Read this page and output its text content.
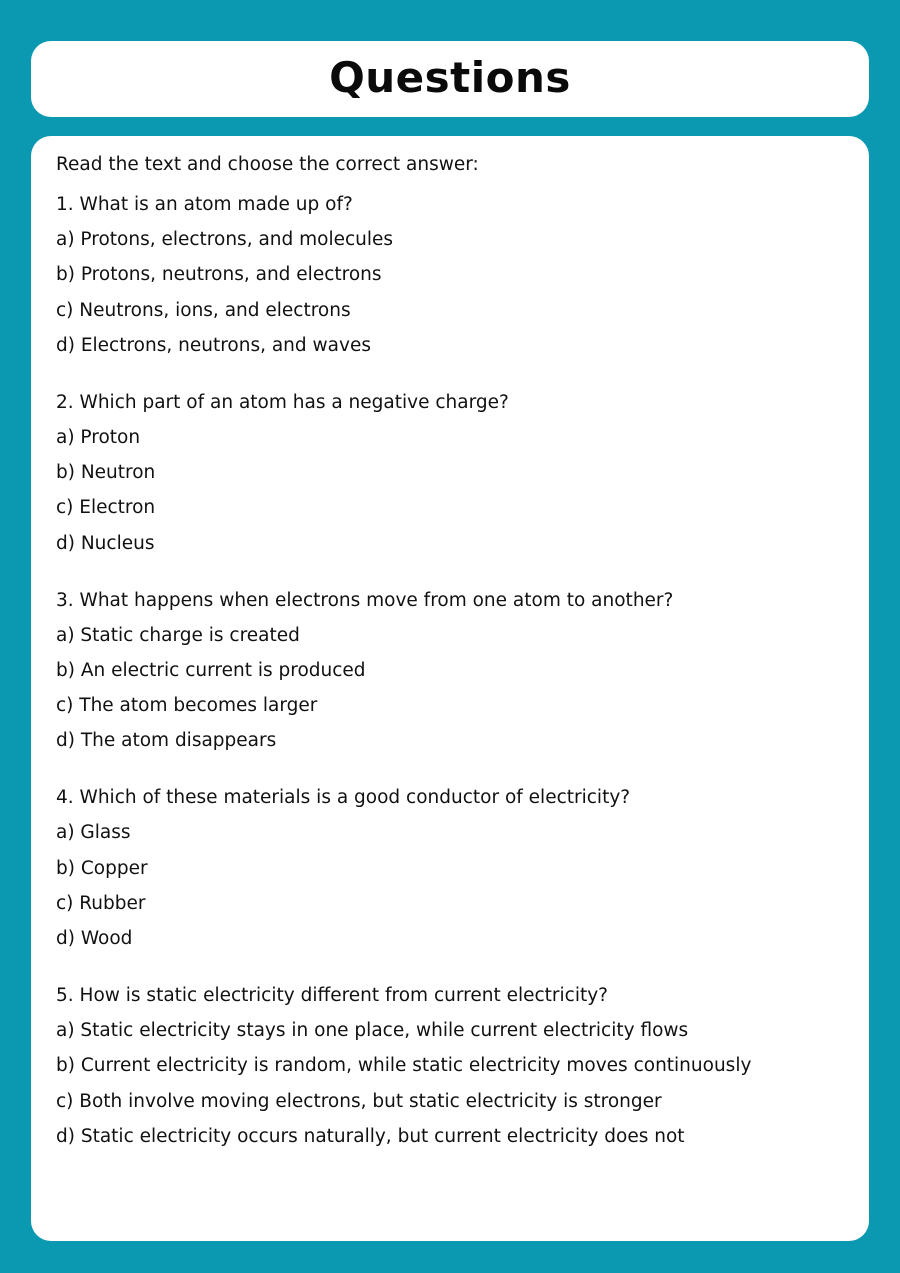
Questions
Read the text and choose the correct answer:
1. What is an atom made up of?
a) Protons, electrons, and molecules
b) Protons, neutrons, and electrons
c) Neutrons, ions, and electrons
d) Electrons, neutrons, and waves
2. Which part of an atom has a negative charge?
a) Proton
b) Neutron
c) Electron
d) Nucleus
3. What happens when electrons move from one atom to another?
a) Static charge is created
b) An electric current is produced
c) The atom becomes larger
d) The atom disappears
4. Which of these materials is a good conductor of electricity?
a) Glass
b) Copper
c) Rubber
d) Wood
5. How is static electricity different from current electricity?
a) Static electricity stays in one place, while current electricity flows
b) Current electricity is random, while static electricity moves continuously
c) Both involve moving electrons, but static electricity is stronger
d) Static electricity occurs naturally, but current electricity does not
